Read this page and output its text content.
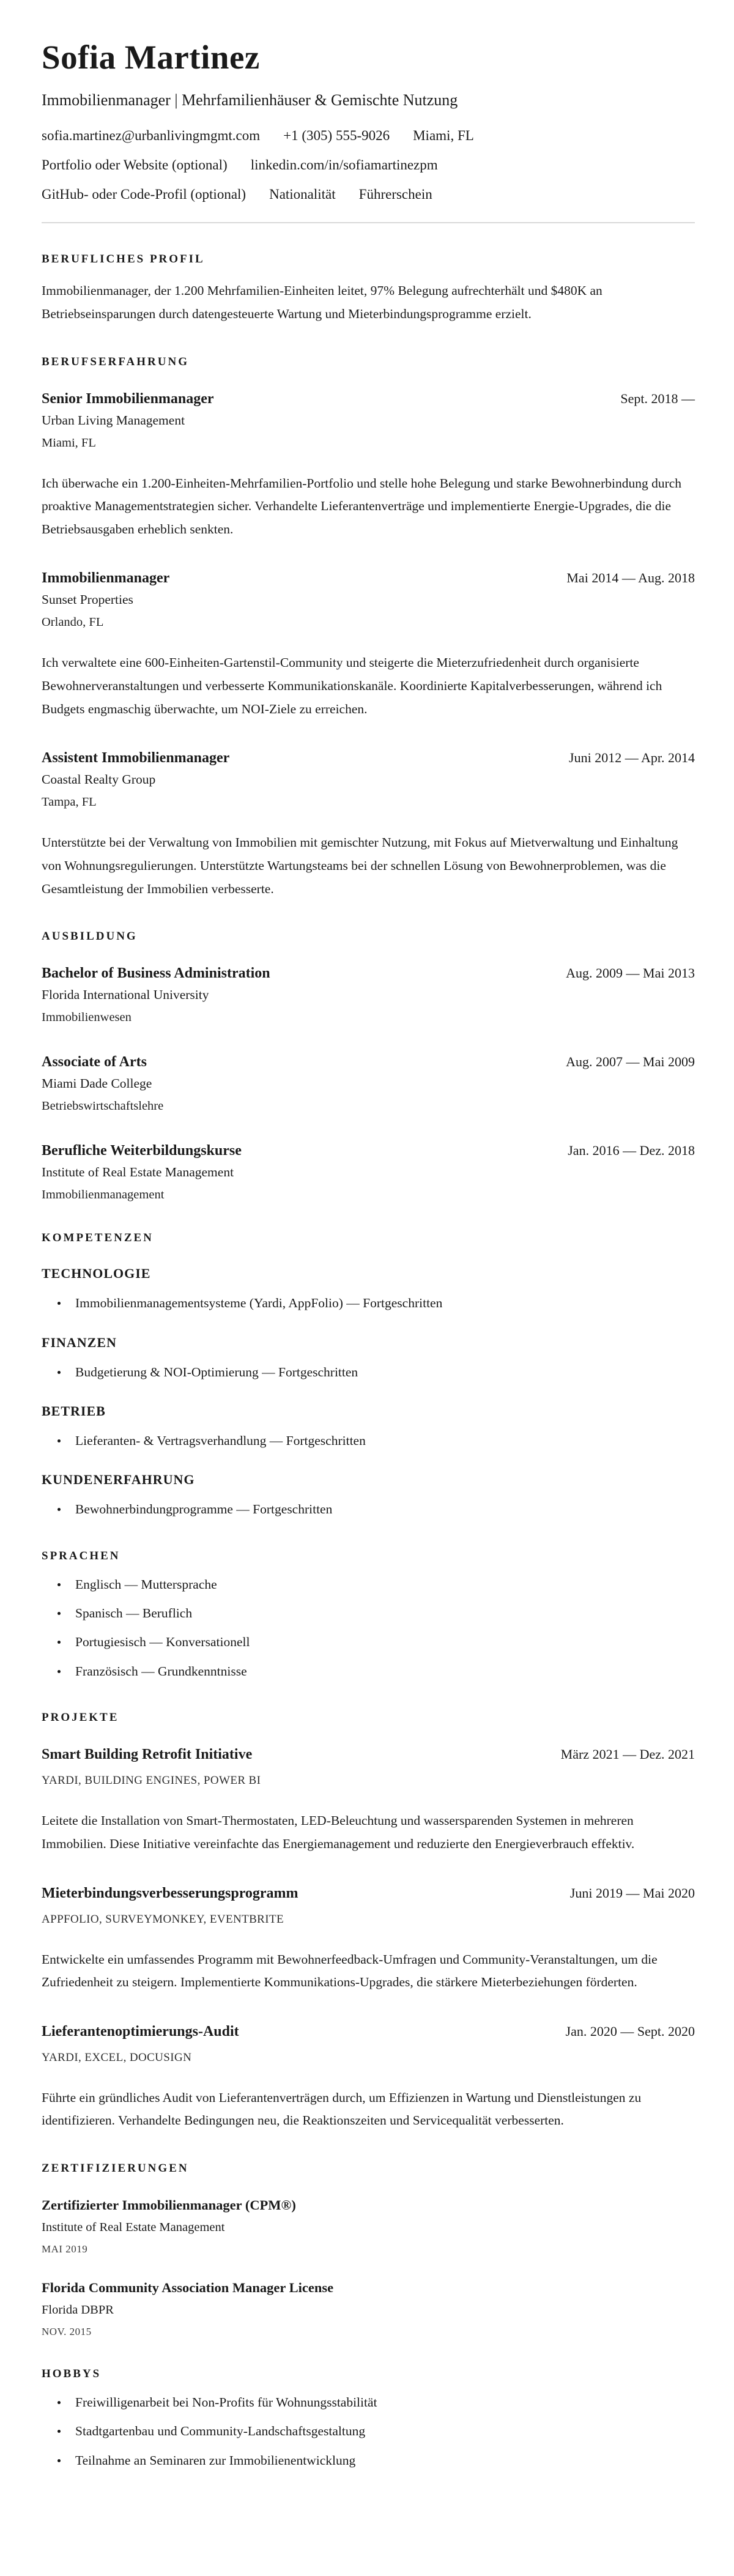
Sofia Martinez
Immobilienmanager | Mehrfamilienhäuser & Gemischte Nutzung
sofia.martinez@urbanlivingmgmt.com +1 (305) 555-9026 Miami, FL
Portfolio oder Website (optional) linkedin.com/in/sofiamartinezpm
GitHub- oder Code-Profil (optional) Nationalität Führerschein
BERUFLICHES PROFIL

Immobilienmanager, der 1.200 Mehrfamilien-Einheiten leitet, 97% Belegung aufrechterhält und $480K an Betriebseinsparungen durch datengesteuerte Wartung und Mieterbindungsprogramme erzielt.

BERUFSERFAHRUNG
Senior Immobilienmanager	Sept. 2018 —
Urban Living Management
Miami, FL

Ich überwache ein 1.200-Einheiten-Mehrfamilien-Portfolio und stelle hohe Belegung und starke Bewohnerbindung durch proaktive Managementstrategien sicher. Verhandelte Lieferantenverträge und implementierte Energie-Upgrades, die die Betriebsausgaben erheblich senkten.

Immobilienmanager	Mai 2014 — Aug. 2018
Sunset Properties
Orlando, FL

Ich verwaltete eine 600-Einheiten-Gartenstil-Community und steigerte die Mieterzufriedenheit durch organisierte Bewohnerveranstaltungen und verbesserte Kommunikationskanäle. Koordinierte Kapitalverbesserungen, während ich Budgets engmaschig überwachte, um NOI-Ziele zu erreichen.

Assistent Immobilienmanager	Juni 2012 — Apr. 2014
Coastal Realty Group
Tampa, FL

Unterstützte bei der Verwaltung von Immobilien mit gemischter Nutzung, mit Fokus auf Mietverwaltung und Einhaltung von Wohnungsregulierungen. Unterstützte Wartungsteams bei der schnellen Lösung von Bewohnerproblemen, was die Gesamtleistung der Immobilien verbesserte.

AUSBILDUNG
Bachelor of Business Administration	Aug. 2009 — Mai 2013
Florida International University
Immobilienwesen
Associate of Arts	Aug. 2007 — Mai 2009
Miami Dade College
Betriebswirtschaftslehre
Berufliche Weiterbildungskurse	Jan. 2016 — Dez. 2018
Institute of Real Estate Management
Immobilienmanagement
KOMPETENZEN
TECHNOLOGIE
Immobilienmanagementsysteme (Yardi, AppFolio) — Fortgeschritten
FINANZEN
Budgetierung & NOI-Optimierung — Fortgeschritten
BETRIEB
Lieferanten- & Vertragsverhandlung — Fortgeschritten
KUNDENERFAHRUNG
Bewohnerbindungprogramme — Fortgeschritten
SPRACHEN
Englisch — Muttersprache
Spanisch — Beruflich
Portugiesisch — Konversationell
Französisch — Grundkenntnisse
PROJEKTE
Smart Building Retrofit Initiative	März 2021 — Dez. 2021
YARDI, BUILDING ENGINES, POWER BI

Leitete die Installation von Smart-Thermostaten, LED-Beleuchtung und wassersparenden Systemen in mehreren Immobilien. Diese Initiative vereinfachte das Energiemanagement und reduzierte den Energieverbrauch effektiv.

Mieterbindungsverbesserungsprogramm	Juni 2019 — Mai 2020
APPFOLIO, SURVEYMONKEY, EVENTBRITE

Entwickelte ein umfassendes Programm mit Bewohnerfeedback-Umfragen und Community-Veranstaltungen, um die Zufriedenheit zu steigern. Implementierte Kommunikations-Upgrades, die stärkere Mieterbeziehungen förderten.

Lieferantenoptimierungs-Audit	Jan. 2020 — Sept. 2020
YARDI, EXCEL, DOCUSIGN

Führte ein gründliches Audit von Lieferantenverträgen durch, um Effizienzen in Wartung und Dienstleistungen zu identifizieren. Verhandelte Bedingungen neu, die Reaktionszeiten und Servicequalität verbesserten.

ZERTIFIZIERUNGEN
Zertifizierter Immobilienmanager (CPM®)
Institute of Real Estate Management
MAI 2019
Florida Community Association Manager License
Florida DBPR
NOV. 2015
HOBBYS
Freiwilligenarbeit bei Non-Profits für Wohnungsstabilität
Stadtgartenbau und Community-Landschaftsgestaltung
Teilnahme an Seminaren zur Immobilienentwicklung
